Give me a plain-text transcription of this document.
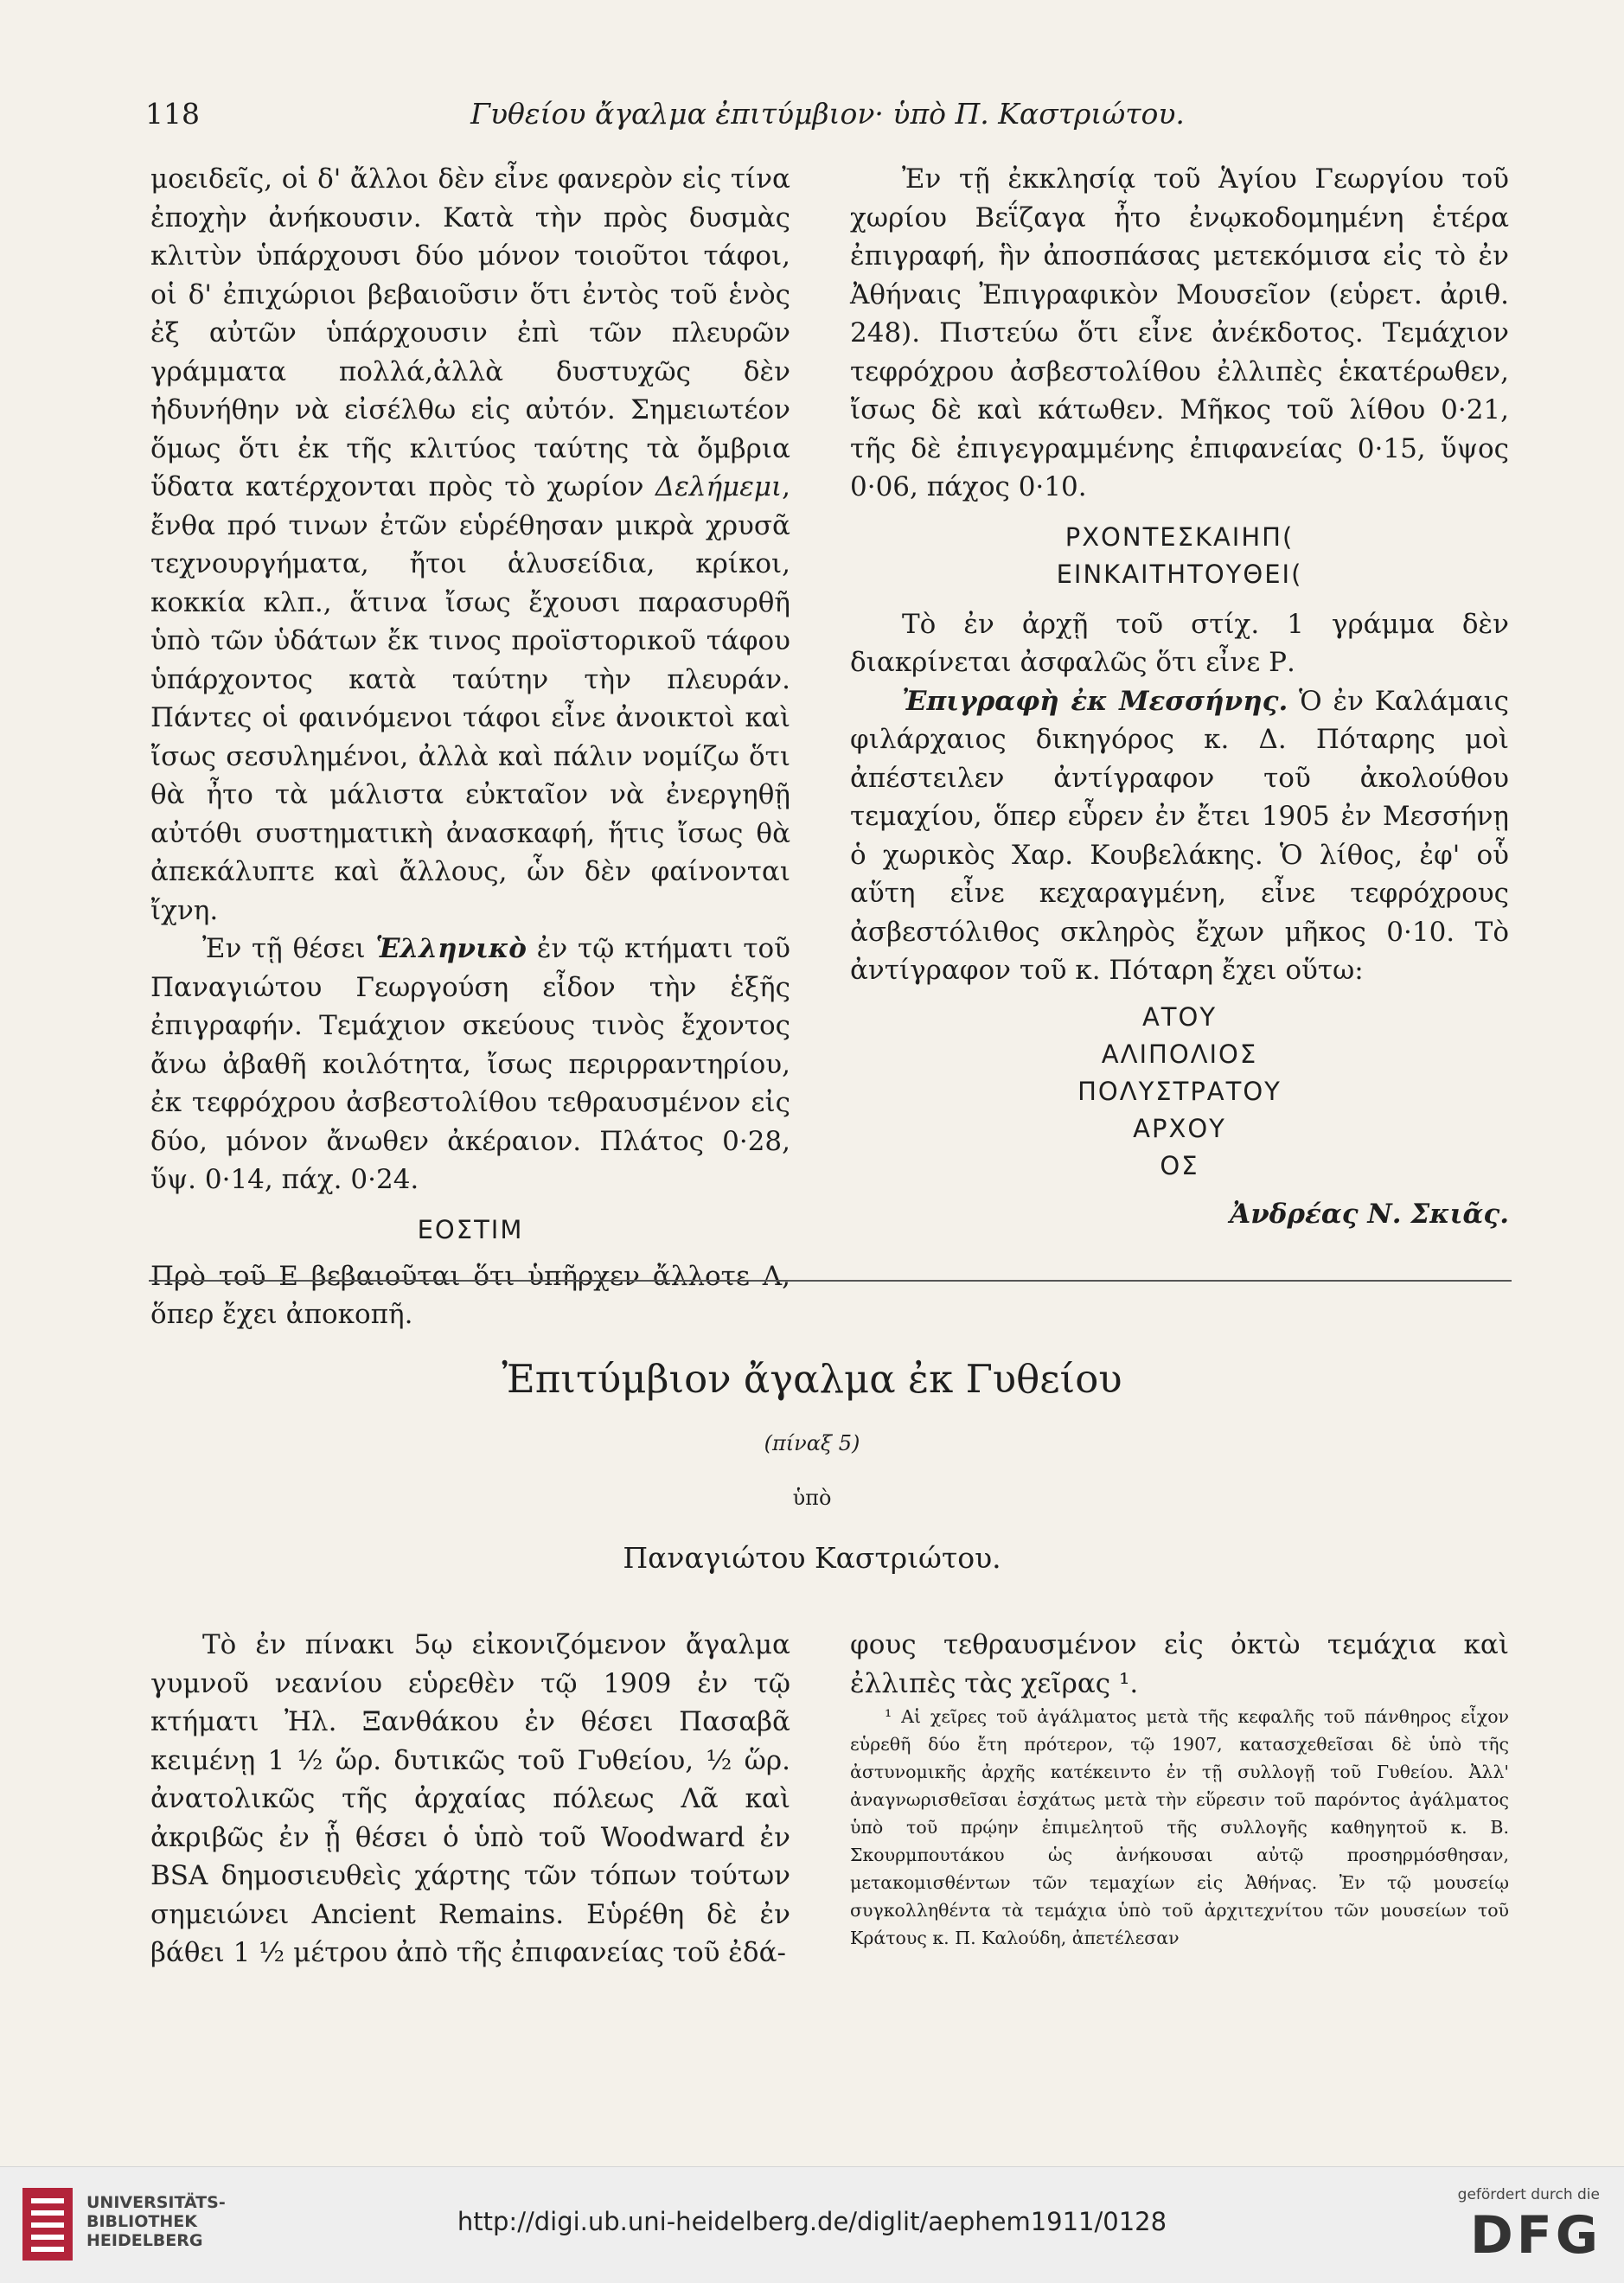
118	Γυθείου ἄγαλμα ἐπιτύμβιον· ὑπὸ Π. Καστριώτου.

μοειδεῖς, οἱ δ' ἄλλοι δὲν εἶνε φανερὸν εἰς τίνα ἐποχὴν ἀνήκουσιν. Κατὰ τὴν πρὸς δυσμὰς κλιτὺν ὑπάρχουσι δύο μόνον τοιοῦτοι τάφοι, οἱ δ' ἐπιχώριοι βεβαιοῦσιν ὅτι ἐντὸς τοῦ ἑνὸς ἐξ αὐτῶν ὑπάρχουσιν ἐπὶ τῶν πλευρῶν γράμματα πολλά,ἀλλὰ δυστυχῶς δὲν ἠδυνήθην νὰ εἰσέλθω εἰς αὐτόν. Σημειωτέον ὅμως ὅτι ἐκ τῆς κλιτύος ταύτης τὰ ὄμβρια ὕδατα κατέρχονται πρὸς τὸ χωρίον Δελήμεμι, ἔνθα πρό τινων ἐτῶν εὑρέθησαν μικρὰ χρυσᾶ τεχνουργήματα, ἤτοι ἁλυσείδια, κρίκοι, κοκκία κλπ., ἅτινα ἴσως ἔχουσι παρασυρθῆ ὑπὸ τῶν ὑδάτων ἔκ τινος προϊστορικοῦ τάφου ὑπάρχοντος κατὰ ταύτην τὴν πλευράν. Πάντες οἱ φαινόμενοι τάφοι εἶνε ἀνοικτοὶ καὶ ἴσως σεσυλημένοι, ἀλλὰ καὶ πάλιν νομίζω ὅτι θὰ ἦτο τὰ μάλιστα εὐκταῖον νὰ ἐνεργηθῇ αὐτόθι συστηματικὴ ἀνασκαφή, ἥτις ἴσως θὰ ἀπεκάλυπτε καὶ ἄλλους, ὧν δὲν φαίνονται ἴχνη.

Ἐν τῇ θέσει Ἑλληνικὸ ἐν τῷ κτήματι τοῦ Παναγιώτου Γεωργούση εἶδον τὴν ἑξῆς ἐπιγραφήν. Τεμάχιον σκεύους τινὸς ἔχοντος ἄνω ἀβαθῆ κοιλότητα, ἴσως περιρραντηρίου, ἐκ τεφρόχρου ἀσβεστολίθου τεθραυσμένον εἰς δύο, μόνον ἄνωθεν ἀκέραιον. Πλάτος 0·28, ὕψ. 0·14, πάχ. 0·24.

ΕΟΣΤΙΜ

Πρὸ τοῦ Ε βεβαιοῦται ὅτι ὑπῆρχεν ἄλλοτε Λ, ὅπερ ἔχει ἀποκοπῆ.

Ἐν τῇ ἐκκλησίᾳ τοῦ Ἁγίου Γεωργίου τοῦ χωρίου Βεΐζαγα ἦτο ἐνῳκοδομημένη ἑτέρα ἐπιγραφή, ἣν ἀποσπάσας μετεκόμισα εἰς τὸ ἐν Ἀθήναις Ἐπιγραφικὸν Μουσεῖον (εὑρετ. ἀριθ. 248). Πιστεύω ὅτι εἶνε ἀνέκδοτος. Τεμάχιον τεφρόχρου ἀσβεστολίθου ἐλλιπὲς ἑκατέρωθεν, ἴσως δὲ καὶ κάτωθεν. Μῆκος τοῦ λίθου 0·21, τῆς δὲ ἐπιγεγραμμένης ἐπιφανείας 0·15, ὕψος 0·06, πάχος 0·10.

ΡΧΟΝΤΕΣΚΑΙΗΠ(
ΕΙΝΚΑΙΤΗΤΟΥΘΕΙ(

Τὸ ἐν ἀρχῇ τοῦ στίχ. 1 γράμμα δὲν διακρίνεται ἀσφαλῶς ὅτι εἶνε Ρ.

Ἐπιγραφὴ ἐκ Μεσσήνης. Ὁ ἐν Καλάμαις φιλάρχαιος δικηγόρος κ. Δ. Πόταρης μοὶ ἀπέστειλεν ἀντίγραφον τοῦ ἀκολούθου τεμαχίου, ὅπερ εὗρεν ἐν ἔτει 1905 ἐν Μεσσήνῃ ὁ χωρικὸς Χαρ. Κουβελάκης. Ὁ λίθος, ἐφ' οὗ αὕτη εἶνε κεχαραγμένη, εἶνε τεφρόχρους ἀσβεστόλιθος σκληρὸς ἔχων μῆκος 0·10. Τὸ ἀντίγραφον τοῦ κ. Πόταρη ἔχει οὕτω:

ΑΤΟΥ
ΑΛΙΠΟΛΙΟΣ
ΠΟΛΥΣΤΡΑΤΟΥ
ΑΡΧΟΥ
ΟΣ
Ἀνδρέας Ν. Σκιᾶς.
Ἐπιτύμβιον ἄγαλμα ἐκ Γυθείου
(πίναξ 5)
ὑπὸ
Παναγιώτου Καστριώτου.

Τὸ ἐν πίνακι 5ῳ εἰκονιζόμενον ἄγαλμα γυμνοῦ νεανίου εὑρεθὲν τῷ 1909 ἐν τῷ κτήματι Ἠλ. Ξανθάκου ἐν θέσει Πασαβᾶ κειμένῃ 1 ½ ὥρ. δυτικῶς τοῦ Γυθείου, ½ ὥρ. ἀνατολικῶς τῆς ἀρχαίας πόλεως Λᾶ καὶ ἀκριβῶς ἐν ᾗ θέσει ὁ ὑπὸ τοῦ Woodward ἐν BSA δημοσιευθεὶς χάρτης τῶν τόπων τούτων σημειώνει Ancient Remains. Εὑρέθη δὲ ἐν βάθει 1 ½ μέτρου ἀπὸ τῆς ἐπιφανείας τοῦ ἐδά-

φους τεθραυσμένον εἰς ὀκτὼ τεμάχια καὶ ἐλλιπὲς τὰς χεῖρας ¹.

¹ Αἱ χεῖρες τοῦ ἀγάλματος μετὰ τῆς κεφαλῆς τοῦ πάνθηρος εἶχον εὑρεθῆ δύο ἔτη πρότερον, τῷ 1907, κατασχεθεῖσαι δὲ ὑπὸ τῆς ἀστυνομικῆς ἀρχῆς κατέκειντο ἐν τῇ συλλογῇ τοῦ Γυθείου. Ἀλλ' ἀναγνωρισθεῖσαι ἐσχάτως μετὰ τὴν εὕρεσιν τοῦ παρόντος ἀγάλματος ὑπὸ τοῦ πρῴην ἐπιμελητοῦ τῆς συλλογῆς καθηγητοῦ κ. Β. Σκουρμπουτάκου ὡς ἀνήκουσαι αὐτῷ προσηρμόσθησαν, μετακομισθέντων τῶν τεμαχίων εἰς Ἀθήνας. Ἐν τῷ μουσείῳ συγκολληθέντα τὰ τεμάχια ὑπὸ τοῦ ἀρχιτεχνίτου τῶν μουσείων τοῦ Κράτους κ. Π. Καλούδη, ἀπετέλεσαν

UNIVERSITÄTS-
BIBLIOTHEK
HEIDELBERG
http://digi.ub.uni-heidelberg.de/diglit/aephem1911/0128
gefördert durch die
DFG
